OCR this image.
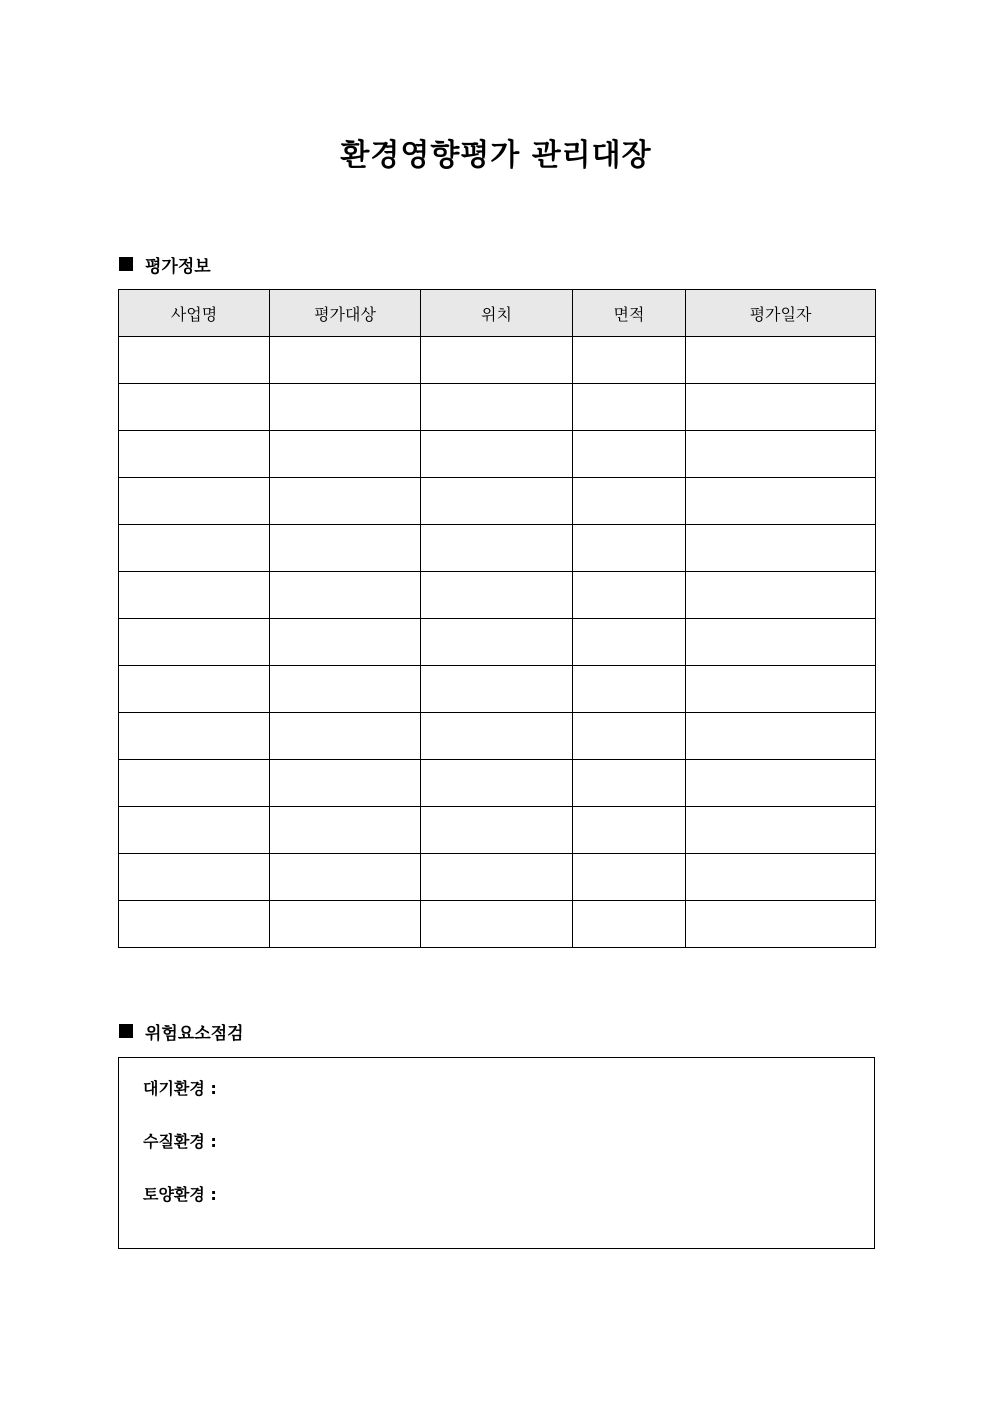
환경영향평가 관리대장
평가정보
사업명	평가대상	위치	면적	평가일자

위험요소점검
대기환경 :
수질환경 :
토양환경 :
